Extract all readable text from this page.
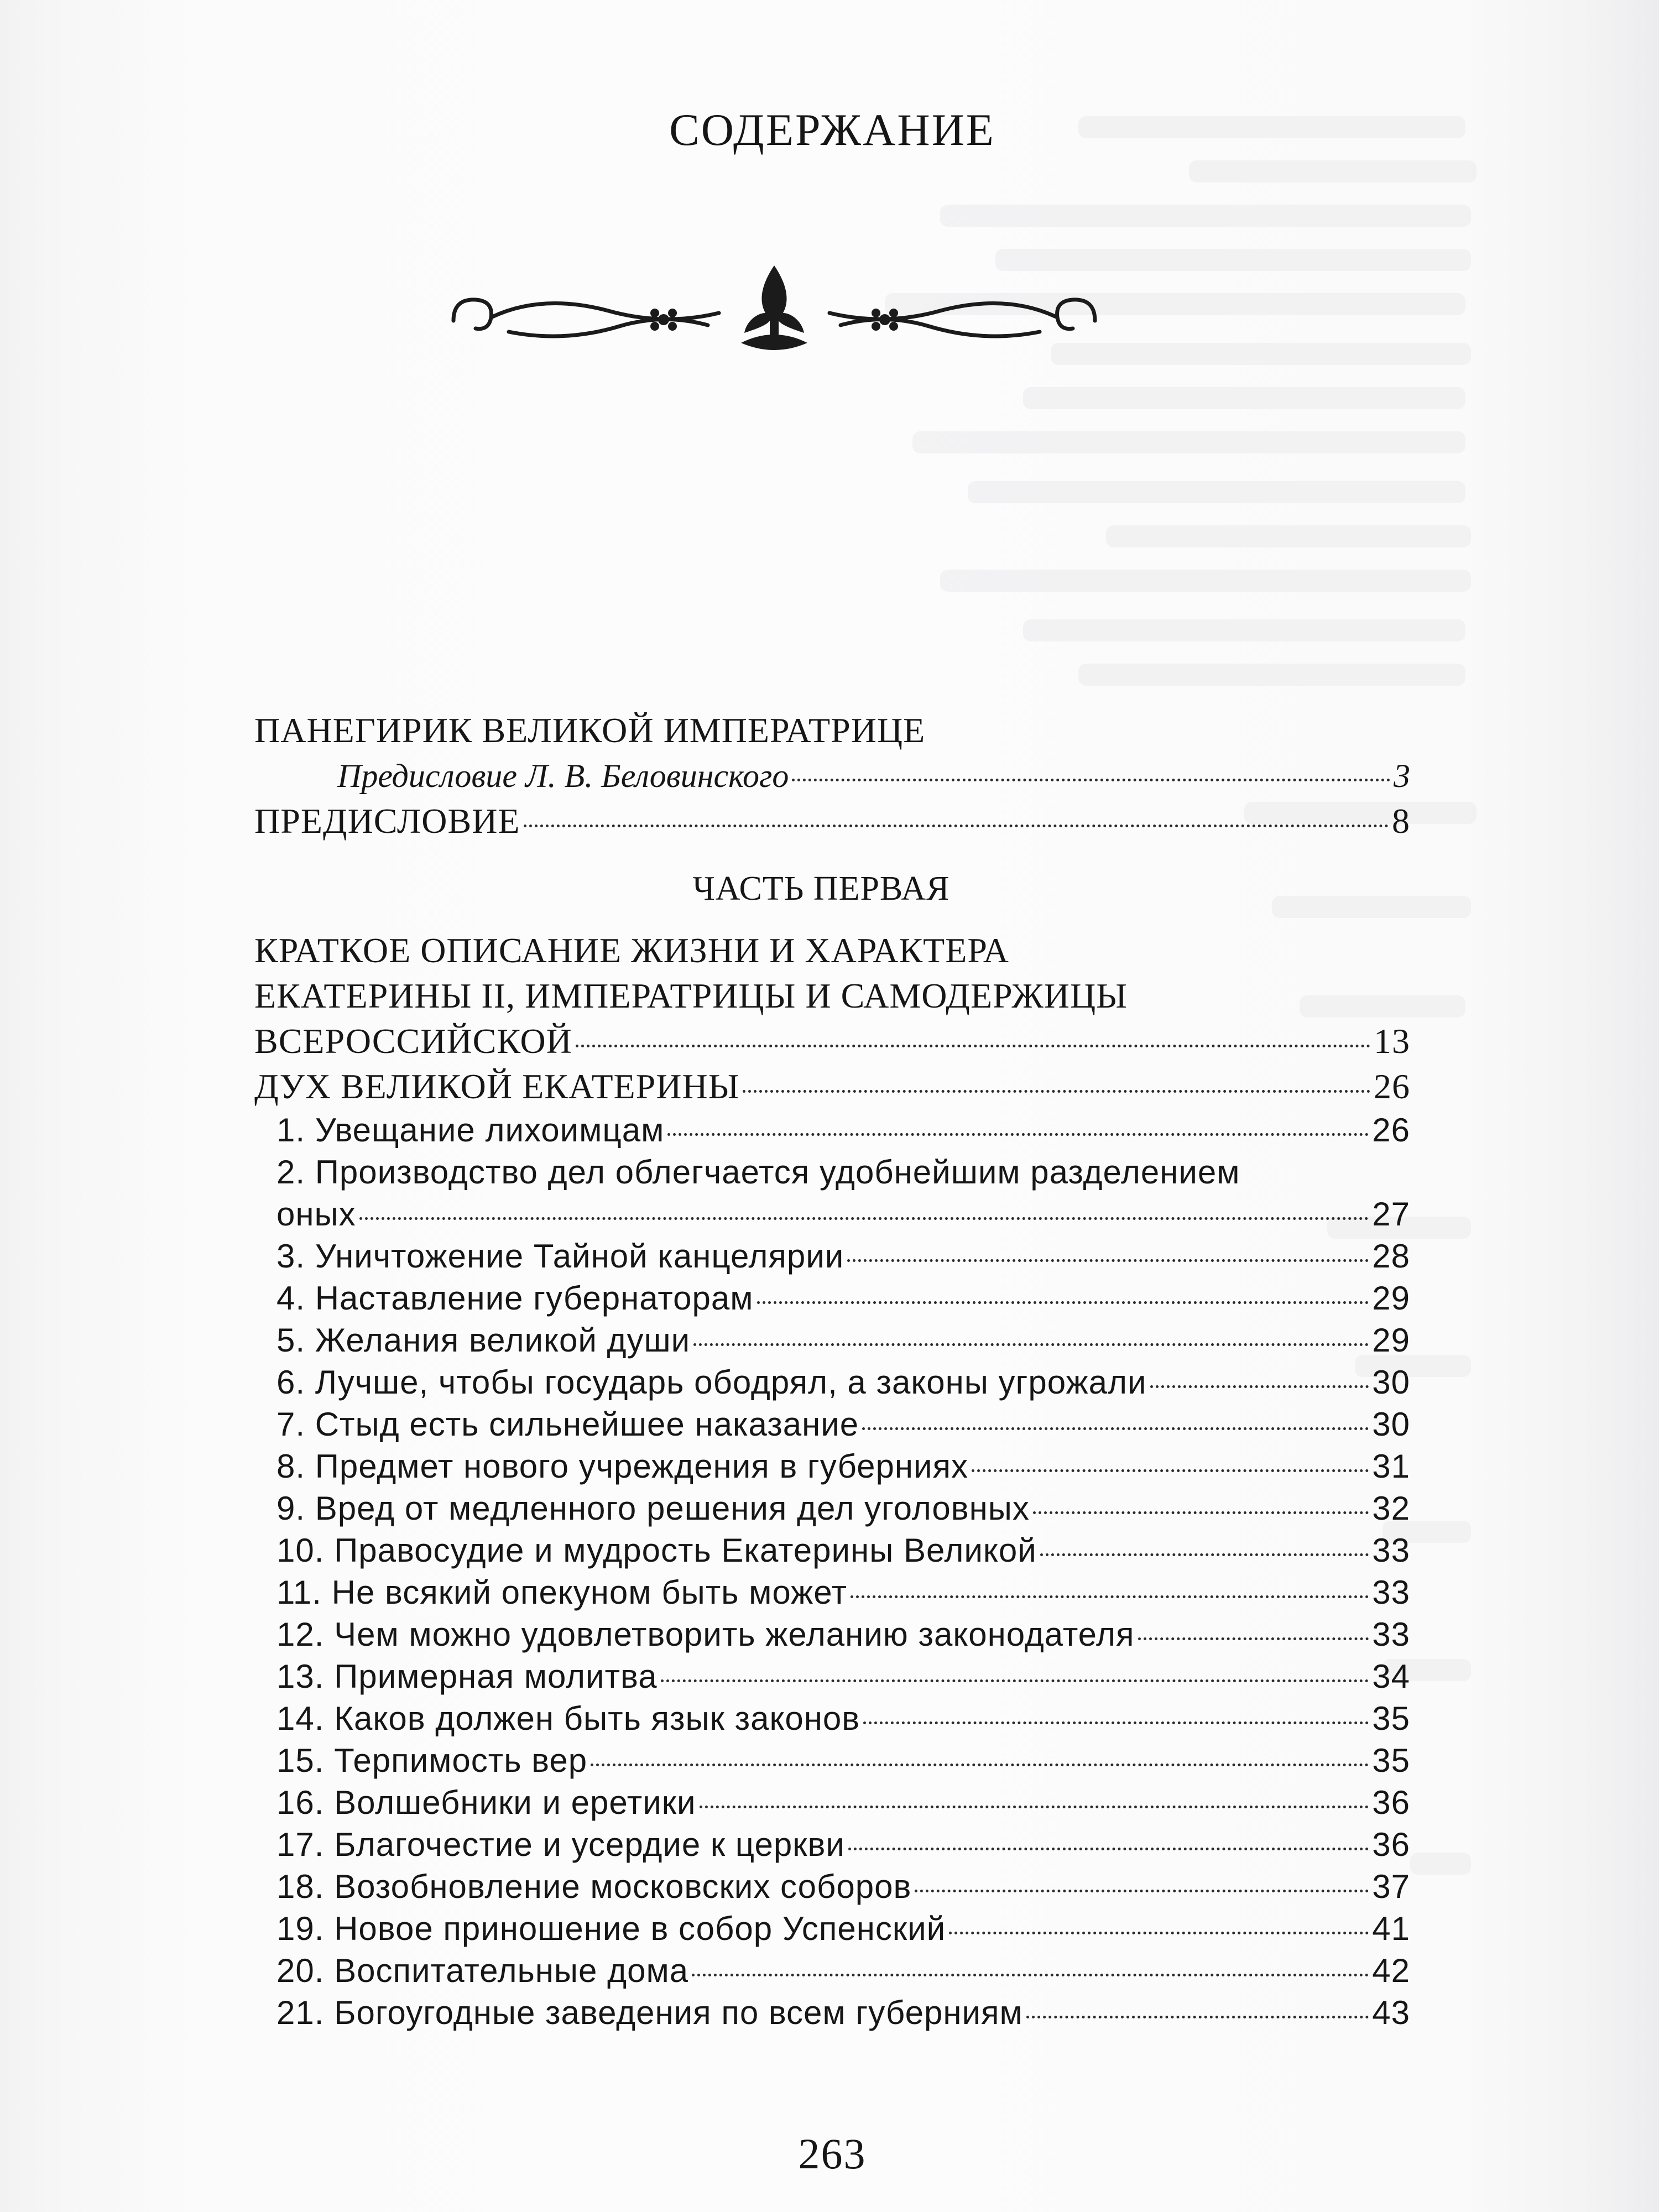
СОДЕРЖАНИЕ
ПАНЕГИРИК ВЕЛИКОЙ ИМПЕРАТРИЦЕ
Предисловие Л. В. Беловинского	3
ПРЕДИСЛОВИЕ	8
ЧАСТЬ ПЕРВАЯ
КРАТКОЕ ОПИСАНИЕ ЖИЗНИ И ХАРАКТЕРА
ЕКАТЕРИНЫ II, ИМПЕРАТРИЦЫ И САМОДЕРЖИЦЫ
ВСЕРОССИЙСКОЙ	13
ДУХ ВЕЛИКОЙ ЕКАТЕРИНЫ	26
1. Увещание лихоимцам	26
2. Производство дел облегчается удобнейшим разделением
оных	27
3. Уничтожение Тайной канцелярии	28
4. Наставление губернаторам	29
5. Желания великой души	29
6. Лучше, чтобы государь ободрял, а законы угрожали	30
7. Стыд есть сильнейшее наказание	30
8. Предмет нового учреждения в губерниях	31
9. Вред от медленного решения дел уголовных	32
10. Правосудие и мудрость Екатерины Великой	33
11. Не всякий опекуном быть может	33
12. Чем можно удовлетворить желанию законодателя	33
13. Примерная молитва	34
14. Каков должен быть язык законов	35
15. Терпимость вер	35
16. Волшебники и еретики	36
17. Благочестие и усердие к церкви	36
18. Возобновление московских соборов	37
19. Новое приношение в собор Успенский	41
20. Воспитательные дома	42
21. Богоугодные заведения по всем губерниям	43
263
